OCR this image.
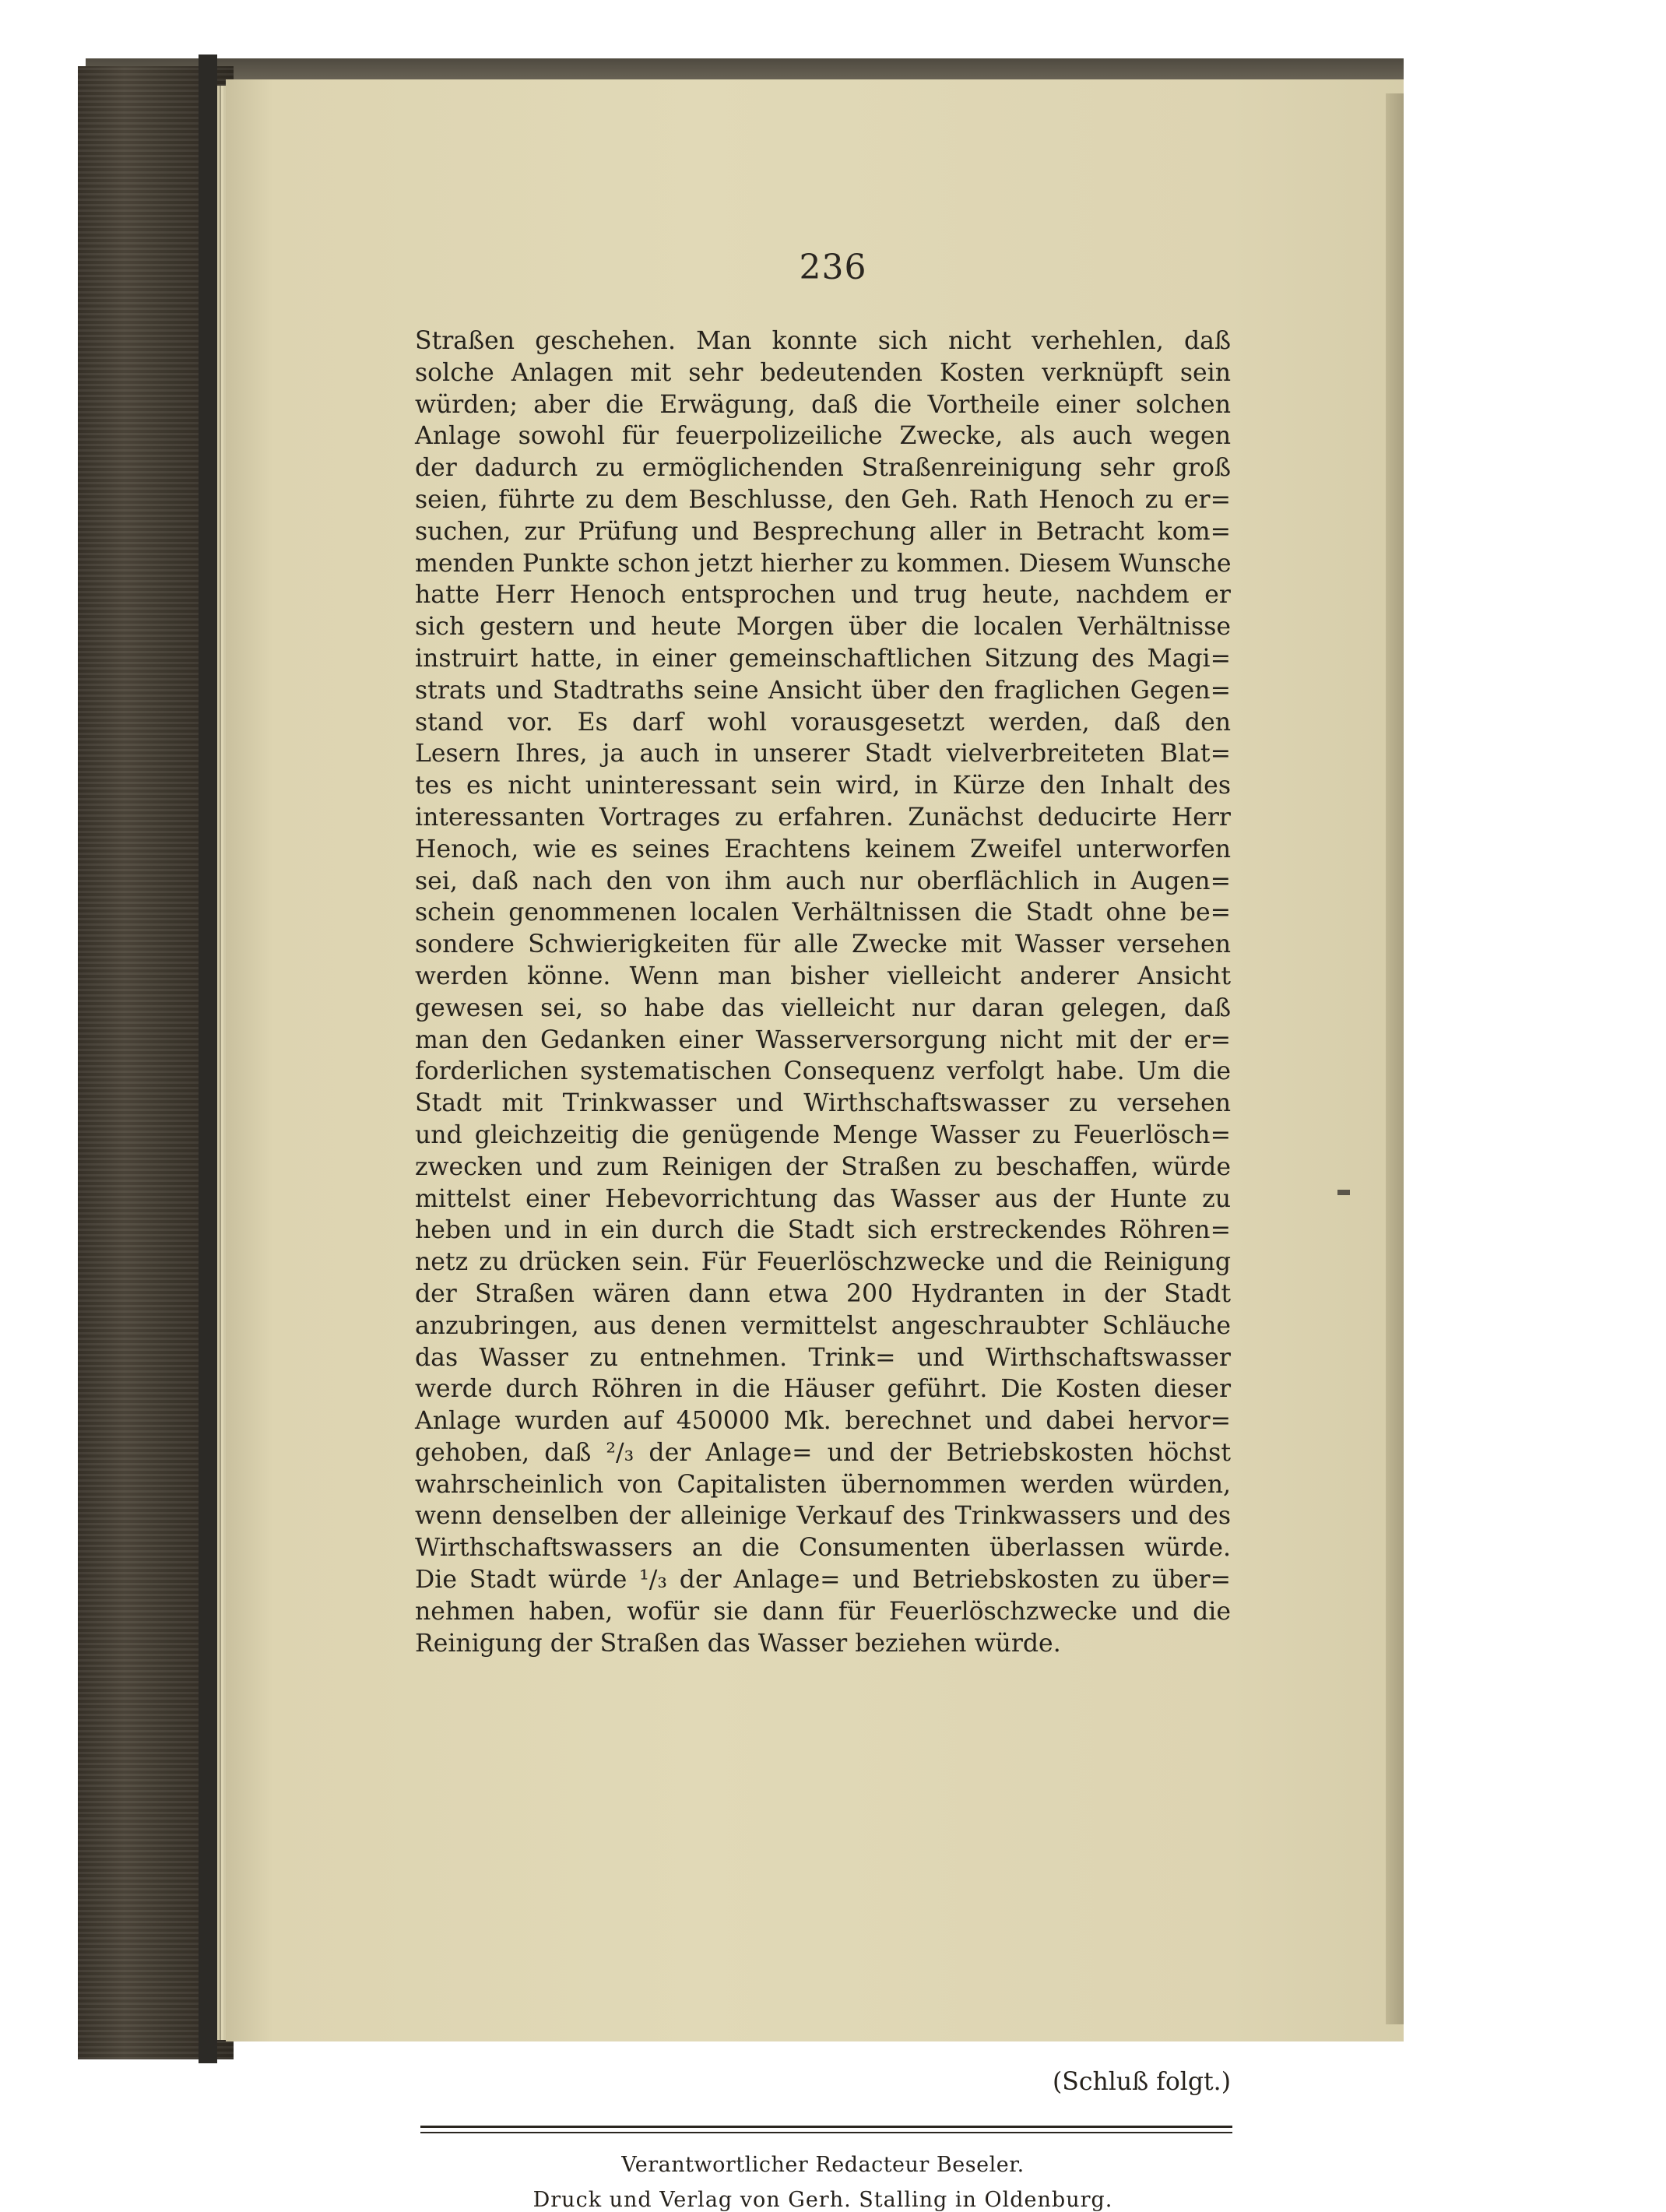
236
Straßen geschehen. Man konnte sich nicht verhehlen, daß
solche Anlagen mit sehr bedeutenden Kosten verknüpft sein
würden; aber die Erwägung, daß die Vortheile einer solchen
Anlage sowohl für feuerpolizeiliche Zwecke, als auch wegen
der dadurch zu ermöglichenden Straßenreinigung sehr groß
seien, führte zu dem Beschlusse, den Geh. Rath Henoch zu er=
suchen, zur Prüfung und Besprechung aller in Betracht kom=
menden Punkte schon jetzt hierher zu kommen. Diesem Wunsche
hatte Herr Henoch entsprochen und trug heute, nachdem er
sich gestern und heute Morgen über die localen Verhältnisse
instruirt hatte, in einer gemeinschaftlichen Sitzung des Magi=
strats und Stadtraths seine Ansicht über den fraglichen Gegen=
stand vor. Es darf wohl vorausgesetzt werden, daß den
Lesern Ihres, ja auch in unserer Stadt vielverbreiteten Blat=
tes es nicht uninteressant sein wird, in Kürze den Inhalt des
interessanten Vortrages zu erfahren. Zunächst deducirte Herr
Henoch, wie es seines Erachtens keinem Zweifel unterworfen
sei, daß nach den von ihm auch nur oberflächlich in Augen=
schein genommenen localen Verhältnissen die Stadt ohne be=
sondere Schwierigkeiten für alle Zwecke mit Wasser versehen
werden könne. Wenn man bisher vielleicht anderer Ansicht
gewesen sei, so habe das vielleicht nur daran gelegen, daß
man den Gedanken einer Wasserversorgung nicht mit der er=
forderlichen systematischen Consequenz verfolgt habe. Um die
Stadt mit Trinkwasser und Wirthschaftswasser zu versehen
und gleichzeitig die genügende Menge Wasser zu Feuerlösch=
zwecken und zum Reinigen der Straßen zu beschaffen, würde
mittelst einer Hebevorrichtung das Wasser aus der Hunte zu
heben und in ein durch die Stadt sich erstreckendes Röhren=
netz zu drücken sein. Für Feuerlöschzwecke und die Reinigung
der Straßen wären dann etwa 200 Hydranten in der Stadt
anzubringen, aus denen vermittelst angeschraubter Schläuche
das Wasser zu entnehmen. Trink= und Wirthschaftswasser
werde durch Röhren in die Häuser geführt. Die Kosten dieser
Anlage wurden auf 450000 Mk. berechnet und dabei hervor=
gehoben, daß ²/₃ der Anlage= und der Betriebskosten höchst
wahrscheinlich von Capitalisten übernommen werden würden,
wenn denselben der alleinige Verkauf des Trinkwassers und des
Wirthschaftswassers an die Consumenten überlassen würde.
Die Stadt würde ¹/₃ der Anlage= und Betriebskosten zu über=
nehmen haben, wofür sie dann für Feuerlöschzwecke und die
Reinigung der Straßen das Wasser beziehen würde.
(Schluß folgt.)
Verantwortlicher Redacteur Beseler.
Druck und Verlag von Gerh. Stalling in Oldenburg.
